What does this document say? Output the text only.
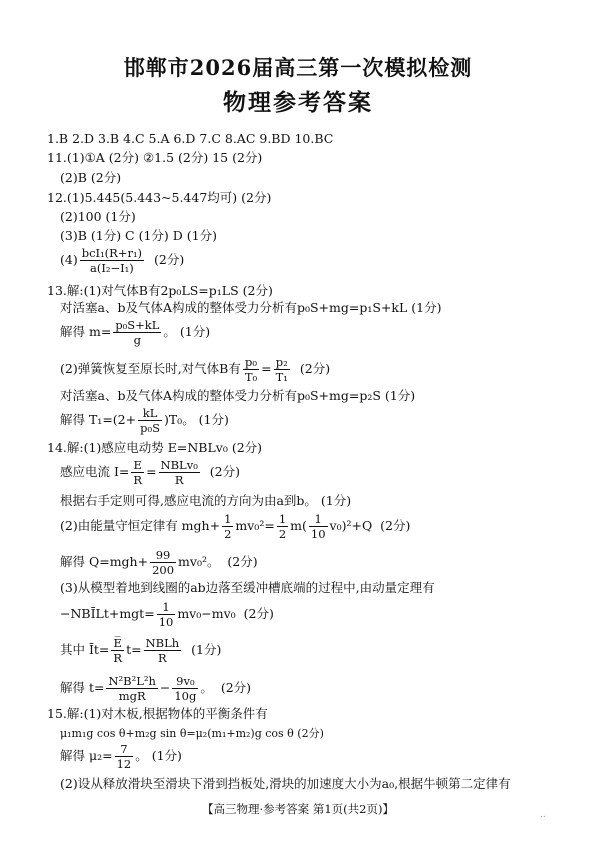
邯郸市2026届高三第一次模拟检测
物理参考答案
1.B 2.D 3.B 4.C 5.A 6.D 7.C 8.AC 9.BD 10.BC
11.(1)①A (2分) ②1.5 (2分) 15 (2分)
(2)B (2分)
12.(1)5.445(5.443~5.447均可) (2分)
(2)100 (1分)
(3)B (1分) C (1分) D (1分)
$(4) \frac{\text{bcI₁(R+r₁)}}{\text{a(I₂−I₁)}} (2$分)
13.解:(1)对气体B有2p₀LS=p₁LS (2分)
对活塞a、b及气体A构成的整体受力分析有p₀S+mg=p₁S+kL (1分)
解得 $m= \frac{\text{p₀S+kL}}{g}$ 。 (1分)
(2)弹簧恢复至原长时,对气体B有 $\frac{\text{p₀}}{\text{T₀}} = \frac{\text{p₂}}{\text{T₁}} (2$分)
对活塞a、b及气体A构成的整体受力分析有p₀S+mg=p₂S (1分)
解得 $T_1=(2+ \frac{kL}{\text{p₀S}} )T_0$。 (1分)
14.解:(1)感应电动势 E=NBLv₀ (2分)
感应电流 $I= \frac{E}{R} = \frac{\text{NBLv₀}}{R} (2$分)
根据右手定则可得,感应电流的方向为由a到b。 (1分)
(2)由能量守恒定律有 $mgh+ \frac{1}{2} mv_0^2= \frac{1}{2} m( \frac{1}{10} v_0)^2+Q$ (2分)
解得 $Q=mgh+ \frac{99}{200} mv_0^2$。 (2分)
(3)从模型着地到线圈的ab边落至缓冲槽底端的过程中,由动量定理有
−NBĪLt+mgt= $\frac{1}{10} mv_0-mv_0$ (2分)
其中 Īt= $\frac{E̅}{R} t= \frac{\text{NBLh}}{R} (1$分)
解得 $t= \frac{\text{N²B²L²h}}{\text{mgR}} - \frac{\text{9v₀}}{10g}$ 。 (2分)
15.解:(1)对木板,根据物体的平衡条件有
μ₁m₁g cos θ+m₂g sin θ=μ₂(m₁+m₂)g cos θ (2分)
解得 $\mu_2= \frac{7}{12}$ 。 (1分)
(2)设从释放滑块至滑块下滑到挡板处,滑块的加速度大小为a₀,根据牛顿第二定律有
【高三物理·参考答案 第1页(共2页)】	..
